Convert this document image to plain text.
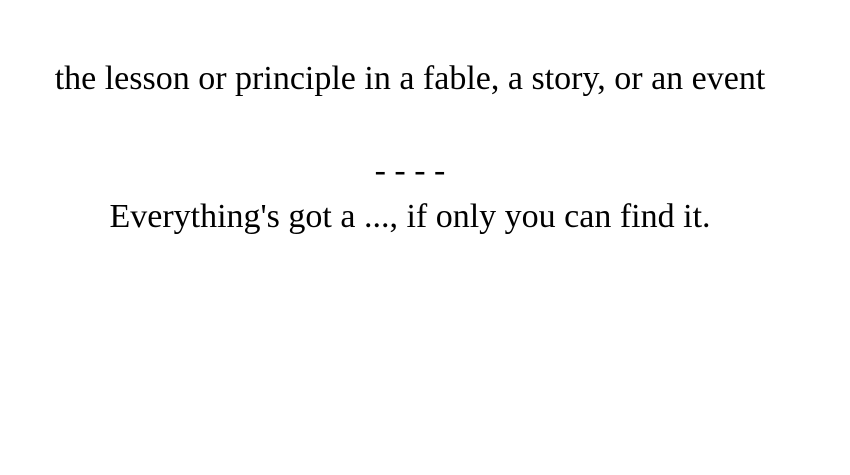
the lesson or principle in a fable, a story, or an event
- - - -
Everything's got a ..., if only you can find it.
